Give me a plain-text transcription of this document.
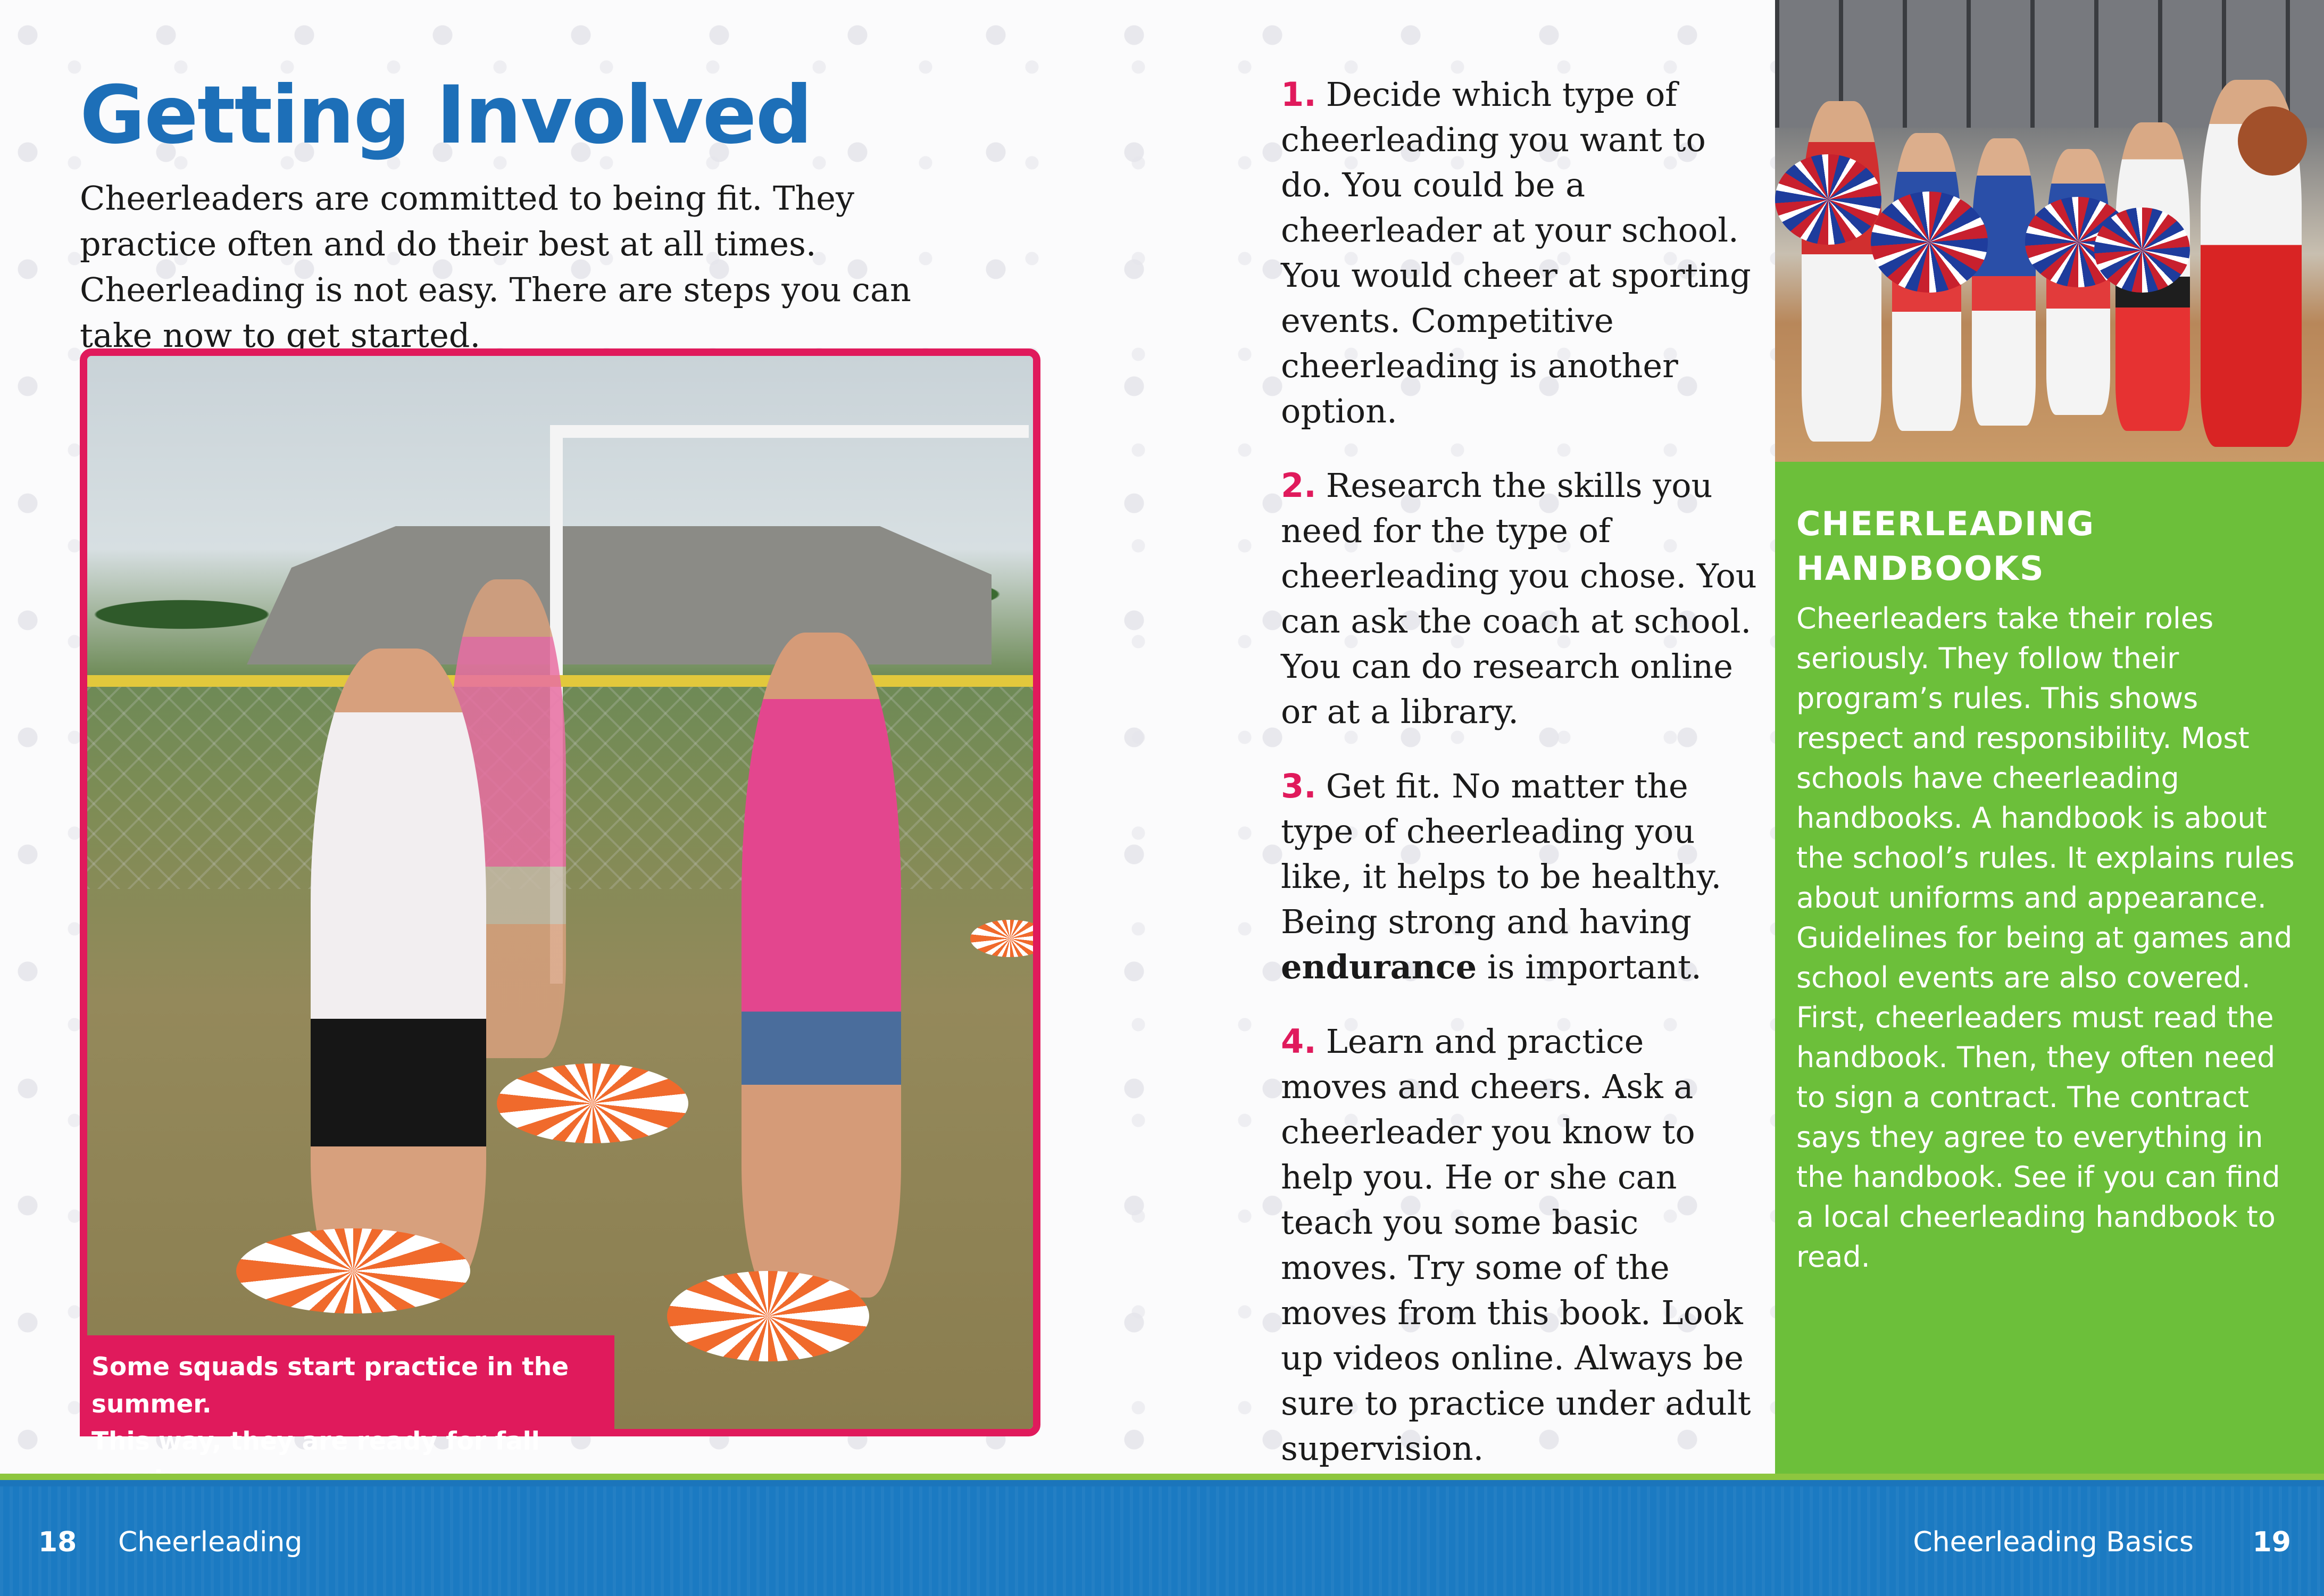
Getting Involved

Cheerleaders are committed to being fit. They practice often and do their best at all times. Cheerleading is not easy. There are steps you can take now to get started.

Some squads start practice in the summer.
This way, they are ready for fall

1. Decide which type of cheerleading you want to do. You could be a cheerleader at your school. You would cheer at sporting events. Competitive cheerleading is another option.

2. Research the skills you need for the type of cheerleading you chose. You can ask the coach at school. You can do research online or at a library.

3. Get fit. No matter the type of cheerleading you like, it helps to be healthy. Being strong and having endurance is important.

4. Learn and practice moves and cheers. Ask a cheerleader you know to help you. He or she can teach you some basic moves. Try some of the moves from this book. Look up videos online. Always be sure to practice under adult supervision.

CHEERLEADING
HANDBOOKS

Cheerleaders take their roles seriously. They follow their program’s rules. This shows respect and responsibility. Most schools have cheerleading handbooks. A handbook is about the school’s rules. It explains rules about uniforms and appearance. Guidelines for being at games and school events are also covered. First, cheerleaders must read the handbook. Then, they often need to sign a contract. The contract says they agree to everything in the handbook. See if you can find a local cheerleading handbook to read.

18 Cheerleading	Cheerleading Basics 19
